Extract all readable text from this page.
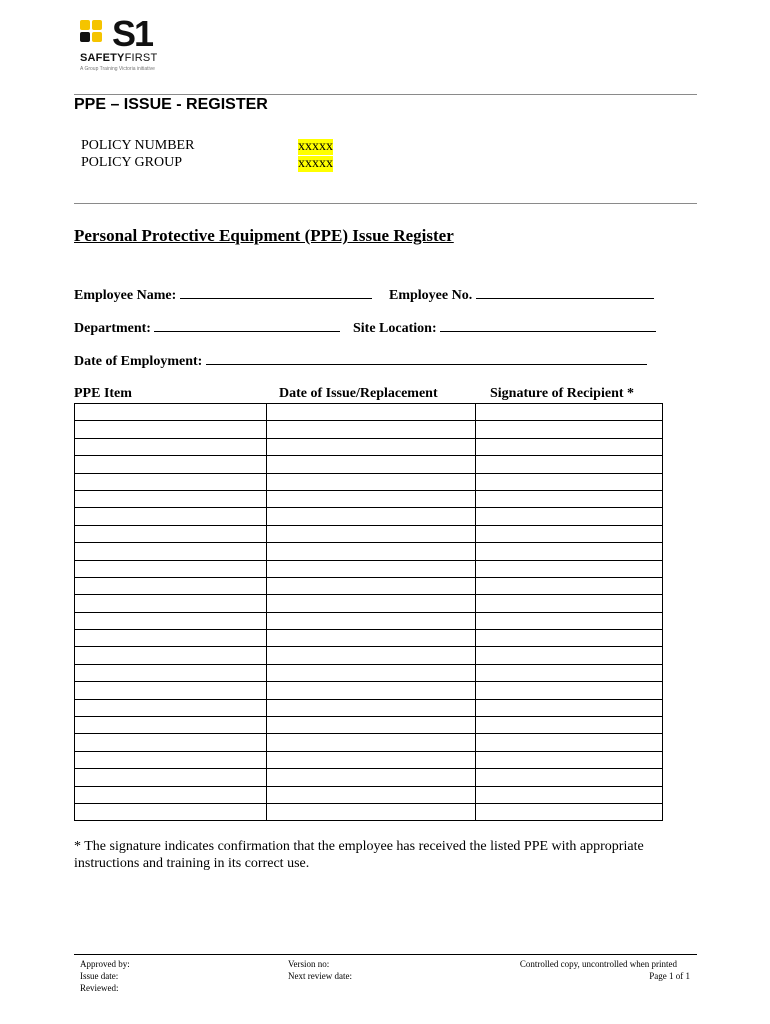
S1
SAFETYFIRST
A Group Training Victoria initiative
PPE – ISSUE - REGISTER
POLICY NUMBER	xxxxx
POLICY GROUP	xxxxx
Personal Protective Equipment (PPE) Issue Register
Employee Name:	Employee No.
Department:	Site Location:
Date of Employment:
PPE Item	Date of Issue/Replacement	Signature of Recipient *

* The signature indicates confirmation that the employee has received the listed PPE with appropriate instructions and training in its correct use.
Approved by:
Issue date:
Reviewed:
Version no:
Next review date:
Controlled copy, uncontrolled when printed
Page 1 of 1
